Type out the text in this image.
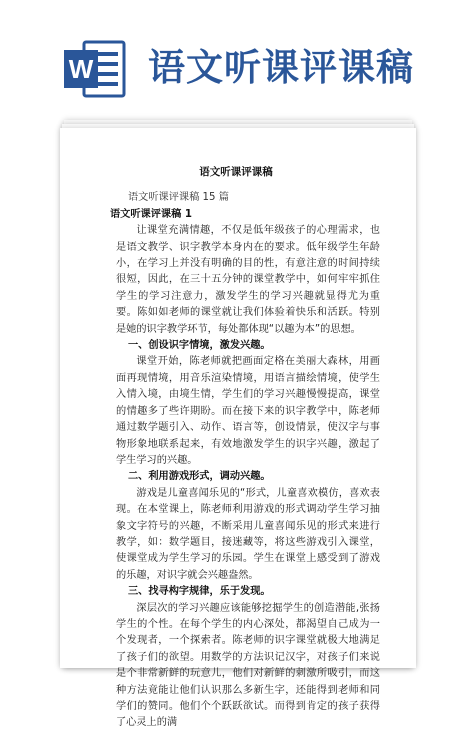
W 语文听课评课稿
语文听课评课稿
语文听课评课稿 15 篇
语文听课评课稿 1

让课堂充满情趣，不仅是低年级孩子的心理需求，也是语文教学、识字教学本身内在的要求。低年级学生年龄小，在学习上并没有明确的目的性，有意注意的时间持续很短，因此，在三十五分钟的课堂教学中，如何牢牢抓住学生的学习注意力，激发学生的学习兴趣就显得尤为重要。陈如如老师的课堂就让我们体验着快乐和活跃。特别是她的识字教学环节，每处都体现“以趣为本”的思想。

一、创设识字情境，激发兴趣。

课堂开始，陈老师就把画面定格在美丽大森林，用画面再现情境，用音乐渲染情境，用语言描绘情境，使学生入情入境，由境生情，学生们的学习兴趣慢慢提高，课堂的情趣多了些许期盼。而在接下来的识字教学中，陈老师通过数学题引入、动作、语言等，创设情景，使汉字与事物形象地联系起来，有效地激发学生的识字兴趣，激起了学生学习的兴趣。

二、利用游戏形式，调动兴趣。

游戏是儿童喜闻乐见的“形式，儿童喜欢模仿，喜欢表现。在本堂课上，陈老师利用游戏的形式调动学生学习抽象文字符号的兴趣，不断采用儿童喜闻乐见的形式来进行教学，如：数学题目，接迷藏等，将这些游戏引入课堂，使课堂成为学生学习的乐园。学生在课堂上感受到了游戏的乐趣，对识字就会兴趣盎然。

三、找寻构字规律，乐于发现。

深层次的学习兴趣应该能够挖掘学生的创造潜能,张扬学生的个性。在每个学生的内心深处，都渴望自己成为一个发现者，一个探索者。陈老师的识字课堂就极大地满足了孩子们的欲望。用数学的方法识记汉字，对孩子们来说是个非常新鲜的玩意儿，他们对新鲜的刺激所吸引，而这种方法竟能让他们认识那么多新生字，还能得到老师和同学们的赞同。他们个个跃跃欲试。而得到肯定的孩子获得了心灵上的满
